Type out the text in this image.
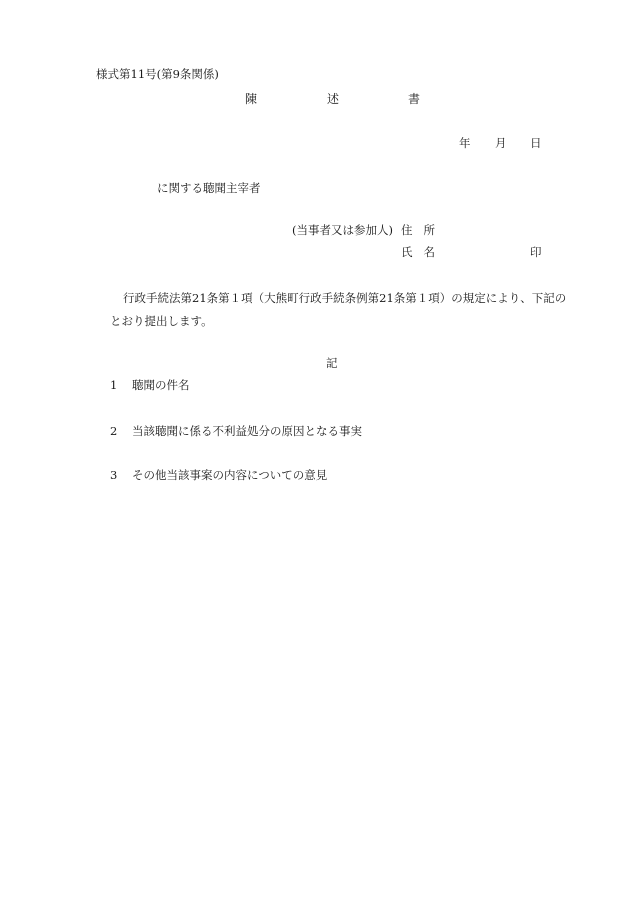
様式第11号(第9条関係)
陳	述	書
年 月 日
に関する聴聞主宰者
(当事者又は参加人) 住 所
氏 名	印
行政手続法第21条第１項（大熊町行政手続条例第21条第１項）の規定により、下記の
とおり提出します。
記
1 聴聞の件名
2 当該聴聞に係る不利益処分の原因となる事実
3 その他当該事案の内容についての意見
